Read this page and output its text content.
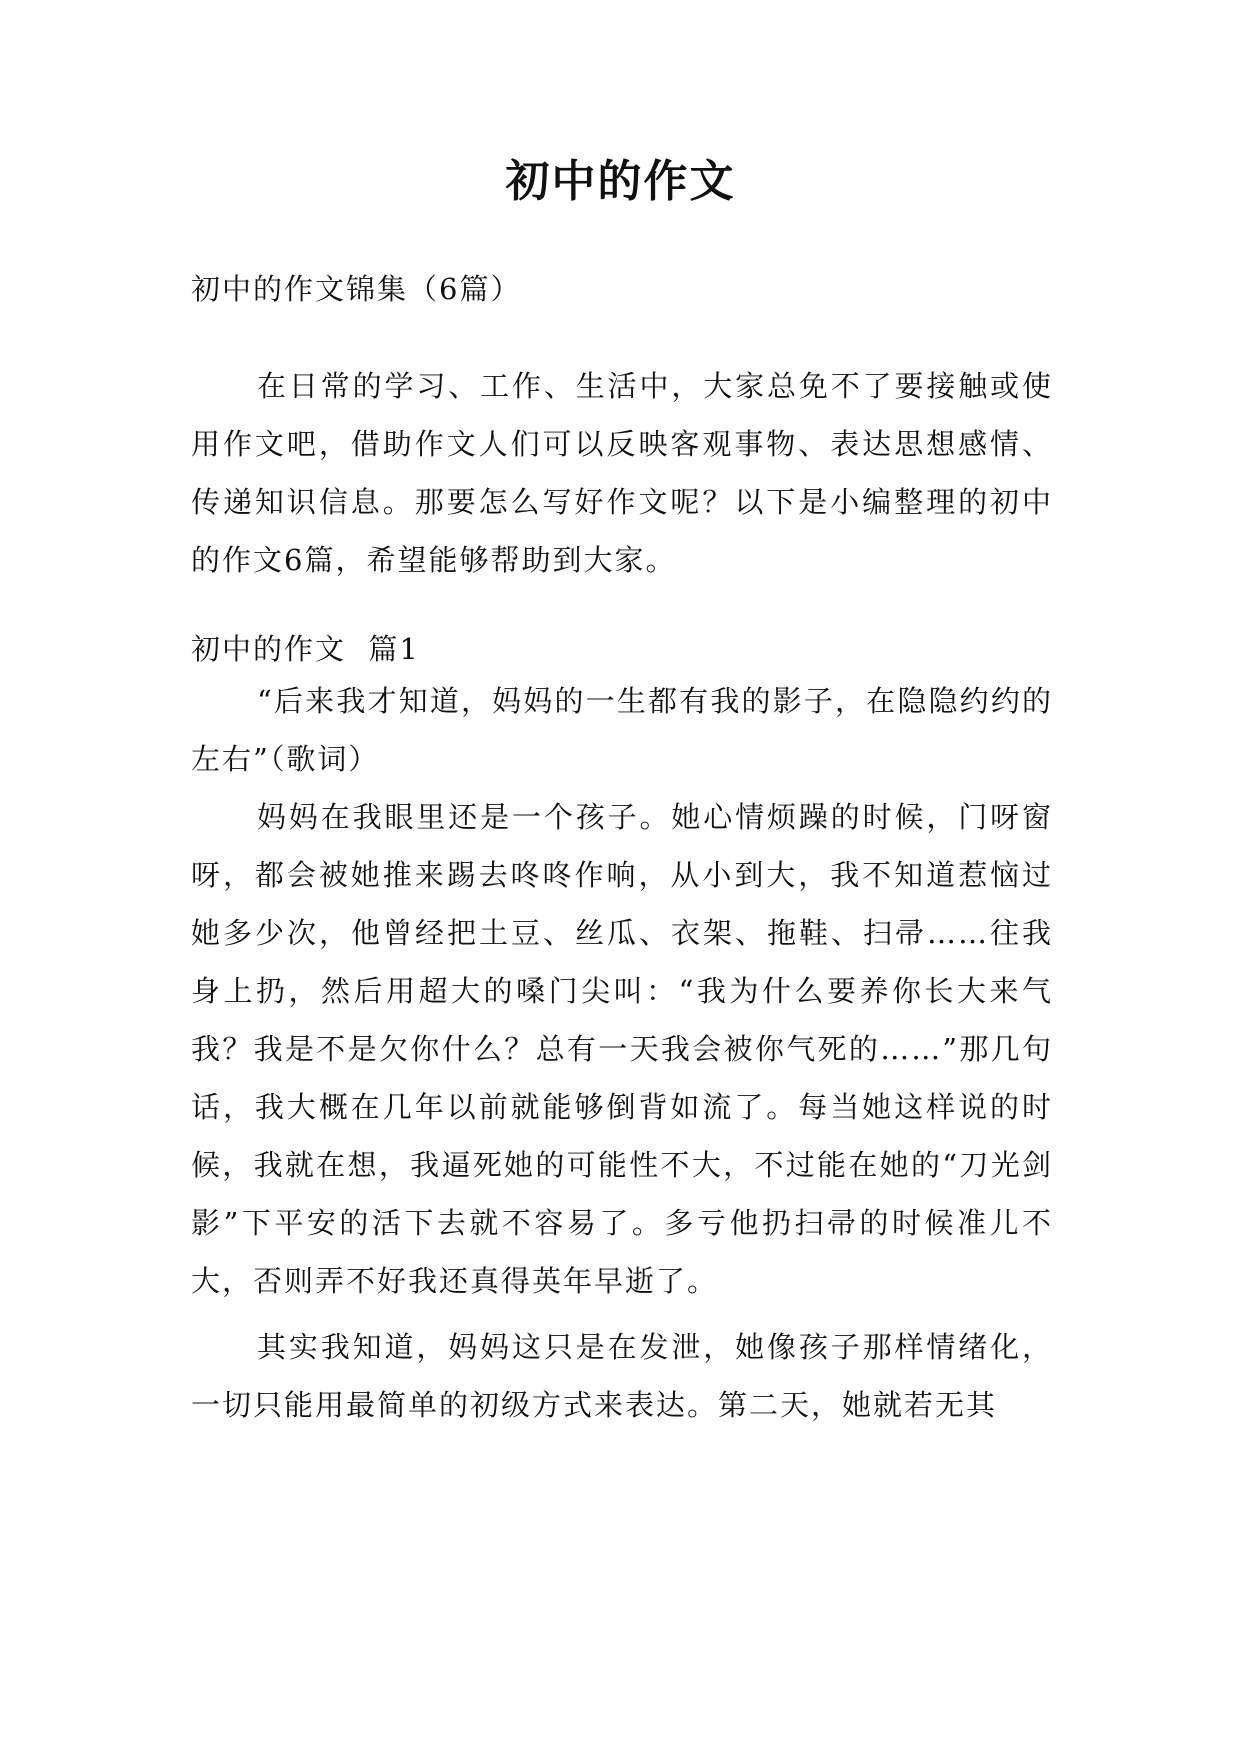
初中的作文

初中的作文锦集（6篇）

在日常的学习、工作、生活中，大家总免不了要接触或使用作文吧，借助作文人们可以反映客观事物、表达思想感情、传递知识信息。那要怎么写好作文呢？以下是小编整理的初中的作文6篇，希望能够帮助到大家。

初中的作文  篇1

“后来我才知道，妈妈的一生都有我的影子，在隐隐约约的左右”（歌词）

妈妈在我眼里还是一个孩子。她心情烦躁的时候，门呀窗呀，都会被她推来踢去咚咚作响，从小到大，我不知道惹恼过她多少次，他曾经把土豆、丝瓜、衣架、拖鞋、扫帚……往我身上扔，然后用超大的嗓门尖叫：“我为什么要养你长大来气我？我是不是欠你什么？总有一天我会被你气死的……”那几句话，我大概在几年以前就能够倒背如流了。每当她这样说的时候，我就在想，我逼死她的可能性不大，不过能在她的“刀光剑影”下平安的活下去就不容易了。多亏他扔扫帚的时候准儿不大，否则弄不好我还真得英年早逝了。

其实我知道，妈妈这只是在发泄，她像孩子那样情绪化，一切只能用最简单的初级方式来表达。第二天，她就若无其
